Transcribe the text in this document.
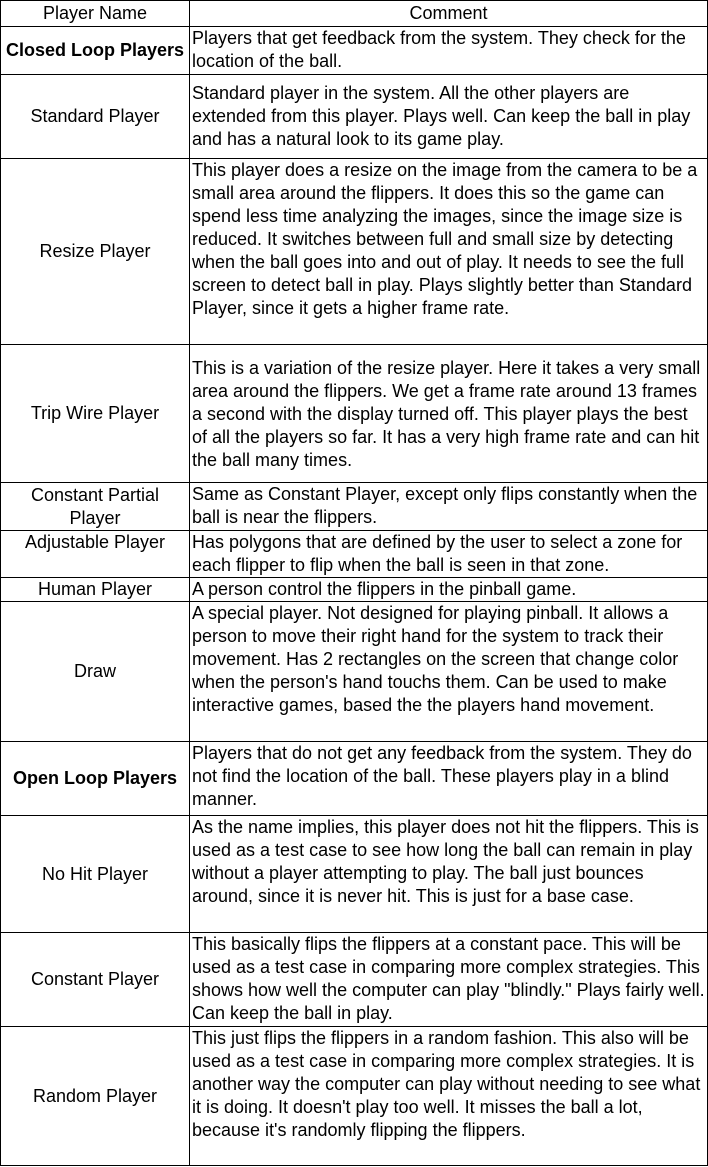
Player Name	Comment
Closed Loop Players	Players that get feedback from the system. They check for the location of the ball.
Standard Player	Standard player in the system. All the other players are extended from this player. Plays well. Can keep the ball in play and has a natural look to its game play.
Resize Player	This player does a resize on the image from the camera to be a small area around the flippers. It does this so the game can spend less time analyzing the images, since the image size is reduced. It switches between full and small size by detecting when the ball goes into and out of play. It needs to see the full screen to detect ball in play. Plays slightly better than Standard Player, since it gets a higher frame rate.
Trip Wire Player	This is a variation of the resize player. Here it takes a very small area around the flippers. We get a frame rate around 13 frames a second with the display turned off. This player plays the best of all the players so far. It has a very high frame rate and can hit the ball many times.
Constant Partial Player	Same as Constant Player, except only flips constantly when the ball is near the flippers.
Adjustable Player	Has polygons that are defined by the user to select a zone for each flipper to flip when the ball is seen in that zone.
Human Player	A person control the flippers in the pinball game.
Draw	A special player. Not designed for playing pinball. It allows a person to move their right hand for the system to track their movement. Has 2 rectangles on the screen that change color when the person's hand touchs them. Can be used to make interactive games, based the the players hand movement.
Open Loop Players	Players that do not get any feedback from the system. They do not find the location of the ball. These players play in a blind manner.
No Hit Player	As the name implies, this player does not hit the flippers. This is used as a test case to see how long the ball can remain in play without a player attempting to play. The ball just bounces around, since it is never hit. This is just for a base case.
Constant Player	This basically flips the flippers at a constant pace. This will be used as a test case in comparing more complex strategies. This shows how well the computer can play "blindly." Plays fairly well. Can keep the ball in play.
Random Player	This just flips the flippers in a random fashion. This also will be used as a test case in comparing more complex strategies. It is another way the computer can play without needing to see what it is doing. It doesn't play too well. It misses the ball a lot, because it's randomly flipping the flippers.
